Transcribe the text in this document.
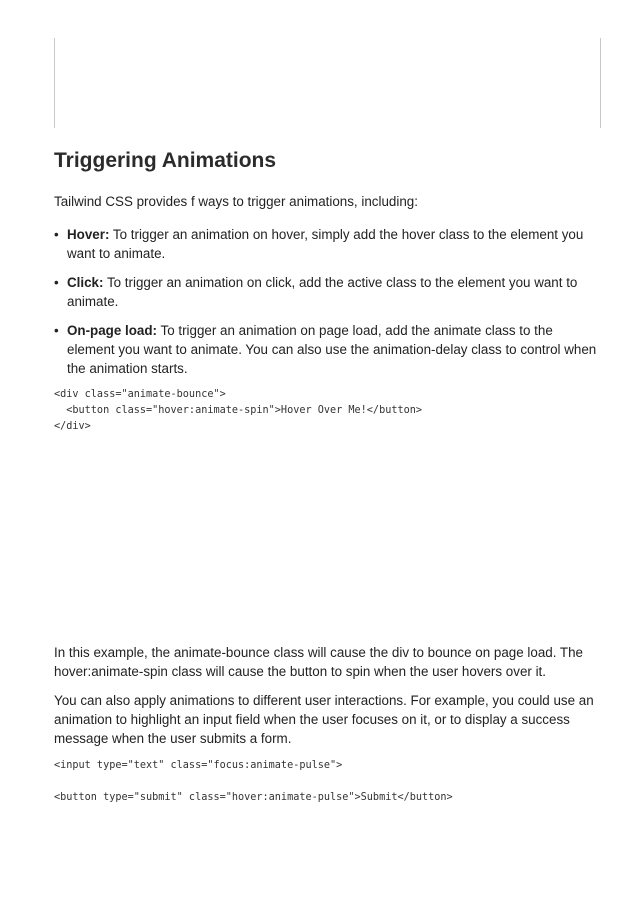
Triggering Animations

Tailwind CSS provides f ways to trigger animations, including:

• Hover: To trigger an animation on hover, simply add the hover class to the element you want to animate.
• Click: To trigger an animation on click, add the active class to the element you want to animate.
• On-page load: To trigger an animation on page load, add the animate class to the element you want to animate. You can also use the animation-delay class to control when the animation starts.
<div class="animate-bounce">
<button class="hover:animate-spin">Hover Over Me!</button>
</div>

In this example, the animate-bounce class will cause the div to bounce on page load. The hover:animate-spin class will cause the button to spin when the user hovers over it.

You can also apply animations to different user interactions. For example, you could use an animation to highlight an input field when the user focuses on it, or to display a success message when the user submits a form.

<input type="text" class="focus:animate-pulse">

<button type="submit" class="hover:animate-pulse">Submit</button>
